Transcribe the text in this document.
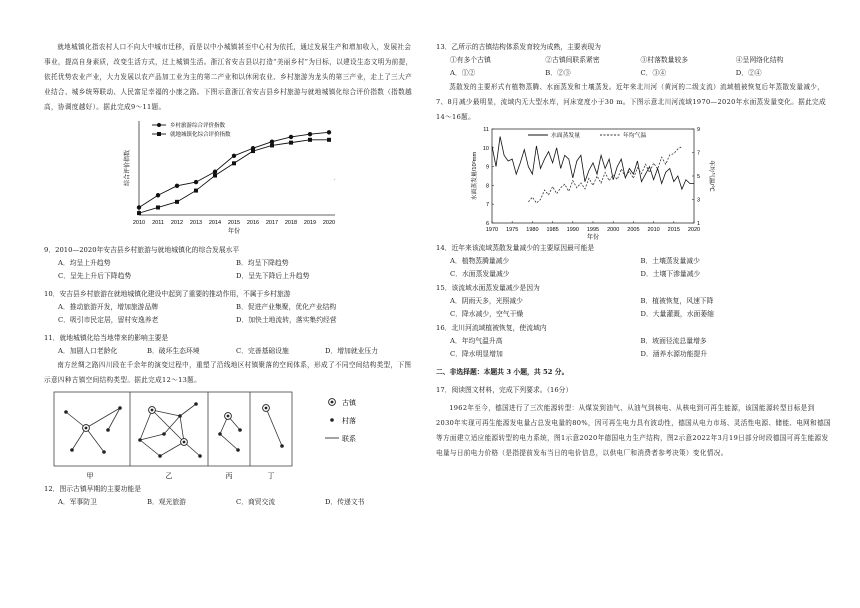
就地城镇化指农村人口不向大中城市迁移，而是以中小城镇甚至中心村为依托，通过发展生产和增加收入，发展社会事业，提高自身素质，改变生活方式，过上城镇生活。浙江省安吉县以打造“美丽乡村”为目标，以建设生态文明为前提，依托优势农业产业，大力发展以农产品加工业为主的第二产业和以休闲农业、乡村旅游为龙头的第三产业，走上了三大产业结合、城乡统筹联动、人民富足幸福的小康之路。下图示意浙江省安吉县乡村旅游与就地城镇化综合评价指数（指数越高，协调度越好）。据此完成9～11题。

2010 2011 2012 2013 2014 2015 2016 2017 2018 2019 2020
综合评价指数
年份
乡村旅游综合评价指数
就地城镇化综合评价指数
·
9．2010—2020年安吉县乡村旅游与就地城镇化的综合发展水平
A．均呈上升趋势	B．均呈下降趋势
C．呈先上升后下降趋势	D．呈先下降后上升趋势
10．安吉县乡村旅游在就地城镇化建设中起到了重要的推动作用，不属于乡村旅游
A．推动旅游开发，增加旅游品牌	B．促进产业集聚，优化产业结构
C．吸引市民定居，留村安逸养老	D．加快土地流转，落实集约经营
11．就地城镇化给当地带来的影响主要是
A．加剧人口老龄化	B．破坏生态环境	C．完善基础设施	D．增加就业压力

南方丝绸之路四川段在千余年的演变过程中，重塑了沿线地区村镇聚落的空间体系，形成了不同空间结构类型，下图示意四种古镇空间结构类型。据此完成12～13题。

古镇
村落
联系
甲	乙	丙	丁
12．图示古镇早期的主要功能是
A．军事防卫	B．观光旅游	C．商贸交流	D．传递文书
13．乙所示的古镇结构体系发育较为成熟，主要表现为
①有多个古镇	②古镇间联系紧密	③村落数量较多	④呈网络化结构
A．①②	B．②③	C．③④	D．②④

蒸散发的主要形式有植物蒸腾、水面蒸发和土壤蒸发。近年来北川河（黄河的二级支流）流域植被恢复后年蒸散发量减少，7、8月减少最明显，流域内无大型水库，河床宽度小于30 m。下图示意北川河流域1970—2020年水面蒸发量变化。据此完成14～16题。

1970 1975 1980 1985 1990 1995 2000 2005 2010 2015 2020
6
7
8
9
10
11
1
3
5
7
9
水面蒸发量/10²mm	年均气温/℃
年份
水面蒸发量	年均气温
14．近年来该流域蒸散发量减少的主要原因最可能是
A．植物蒸腾量减少	B．土壤蒸发量减少
C．水面蒸发量减少	D．土壤下渗量减少
15．该流域水面蒸发量减少是因为
A．阴雨天多，光照减少	B．植被恢复，风速下降
C．降水减少，空气干燥	D．大量灌溉，水面萎缩
16．北川河流域植被恢复，使流域内
A．年均气温升高	B．坡面径流总量增多
C．降水明显增加	D．涵养水源功能提升
二、非选择题：本题共 3 小题，共 52 分。
17．阅读图文材料，完成下列要求。（16分）

1962年至今，德国进行了三次能源转型：从煤炭到油气、从油气到核电、从核电到可再生能源，该国能源转型目标是到2030年实现可再生能源发电量占总发电量的80%，因可再生电力具有波动性，德国从电力市场、灵活性电源、储能、电网和德国等方面建立适应能源转型的电力系统，图1示意2020年德国电力生产结构，图2示意2022年3月19日部分时段德国可再生能源发电量与日前电力价格（是指提前发布当日的电价信息，以供电厂和消费者参考决策）变化情况。
